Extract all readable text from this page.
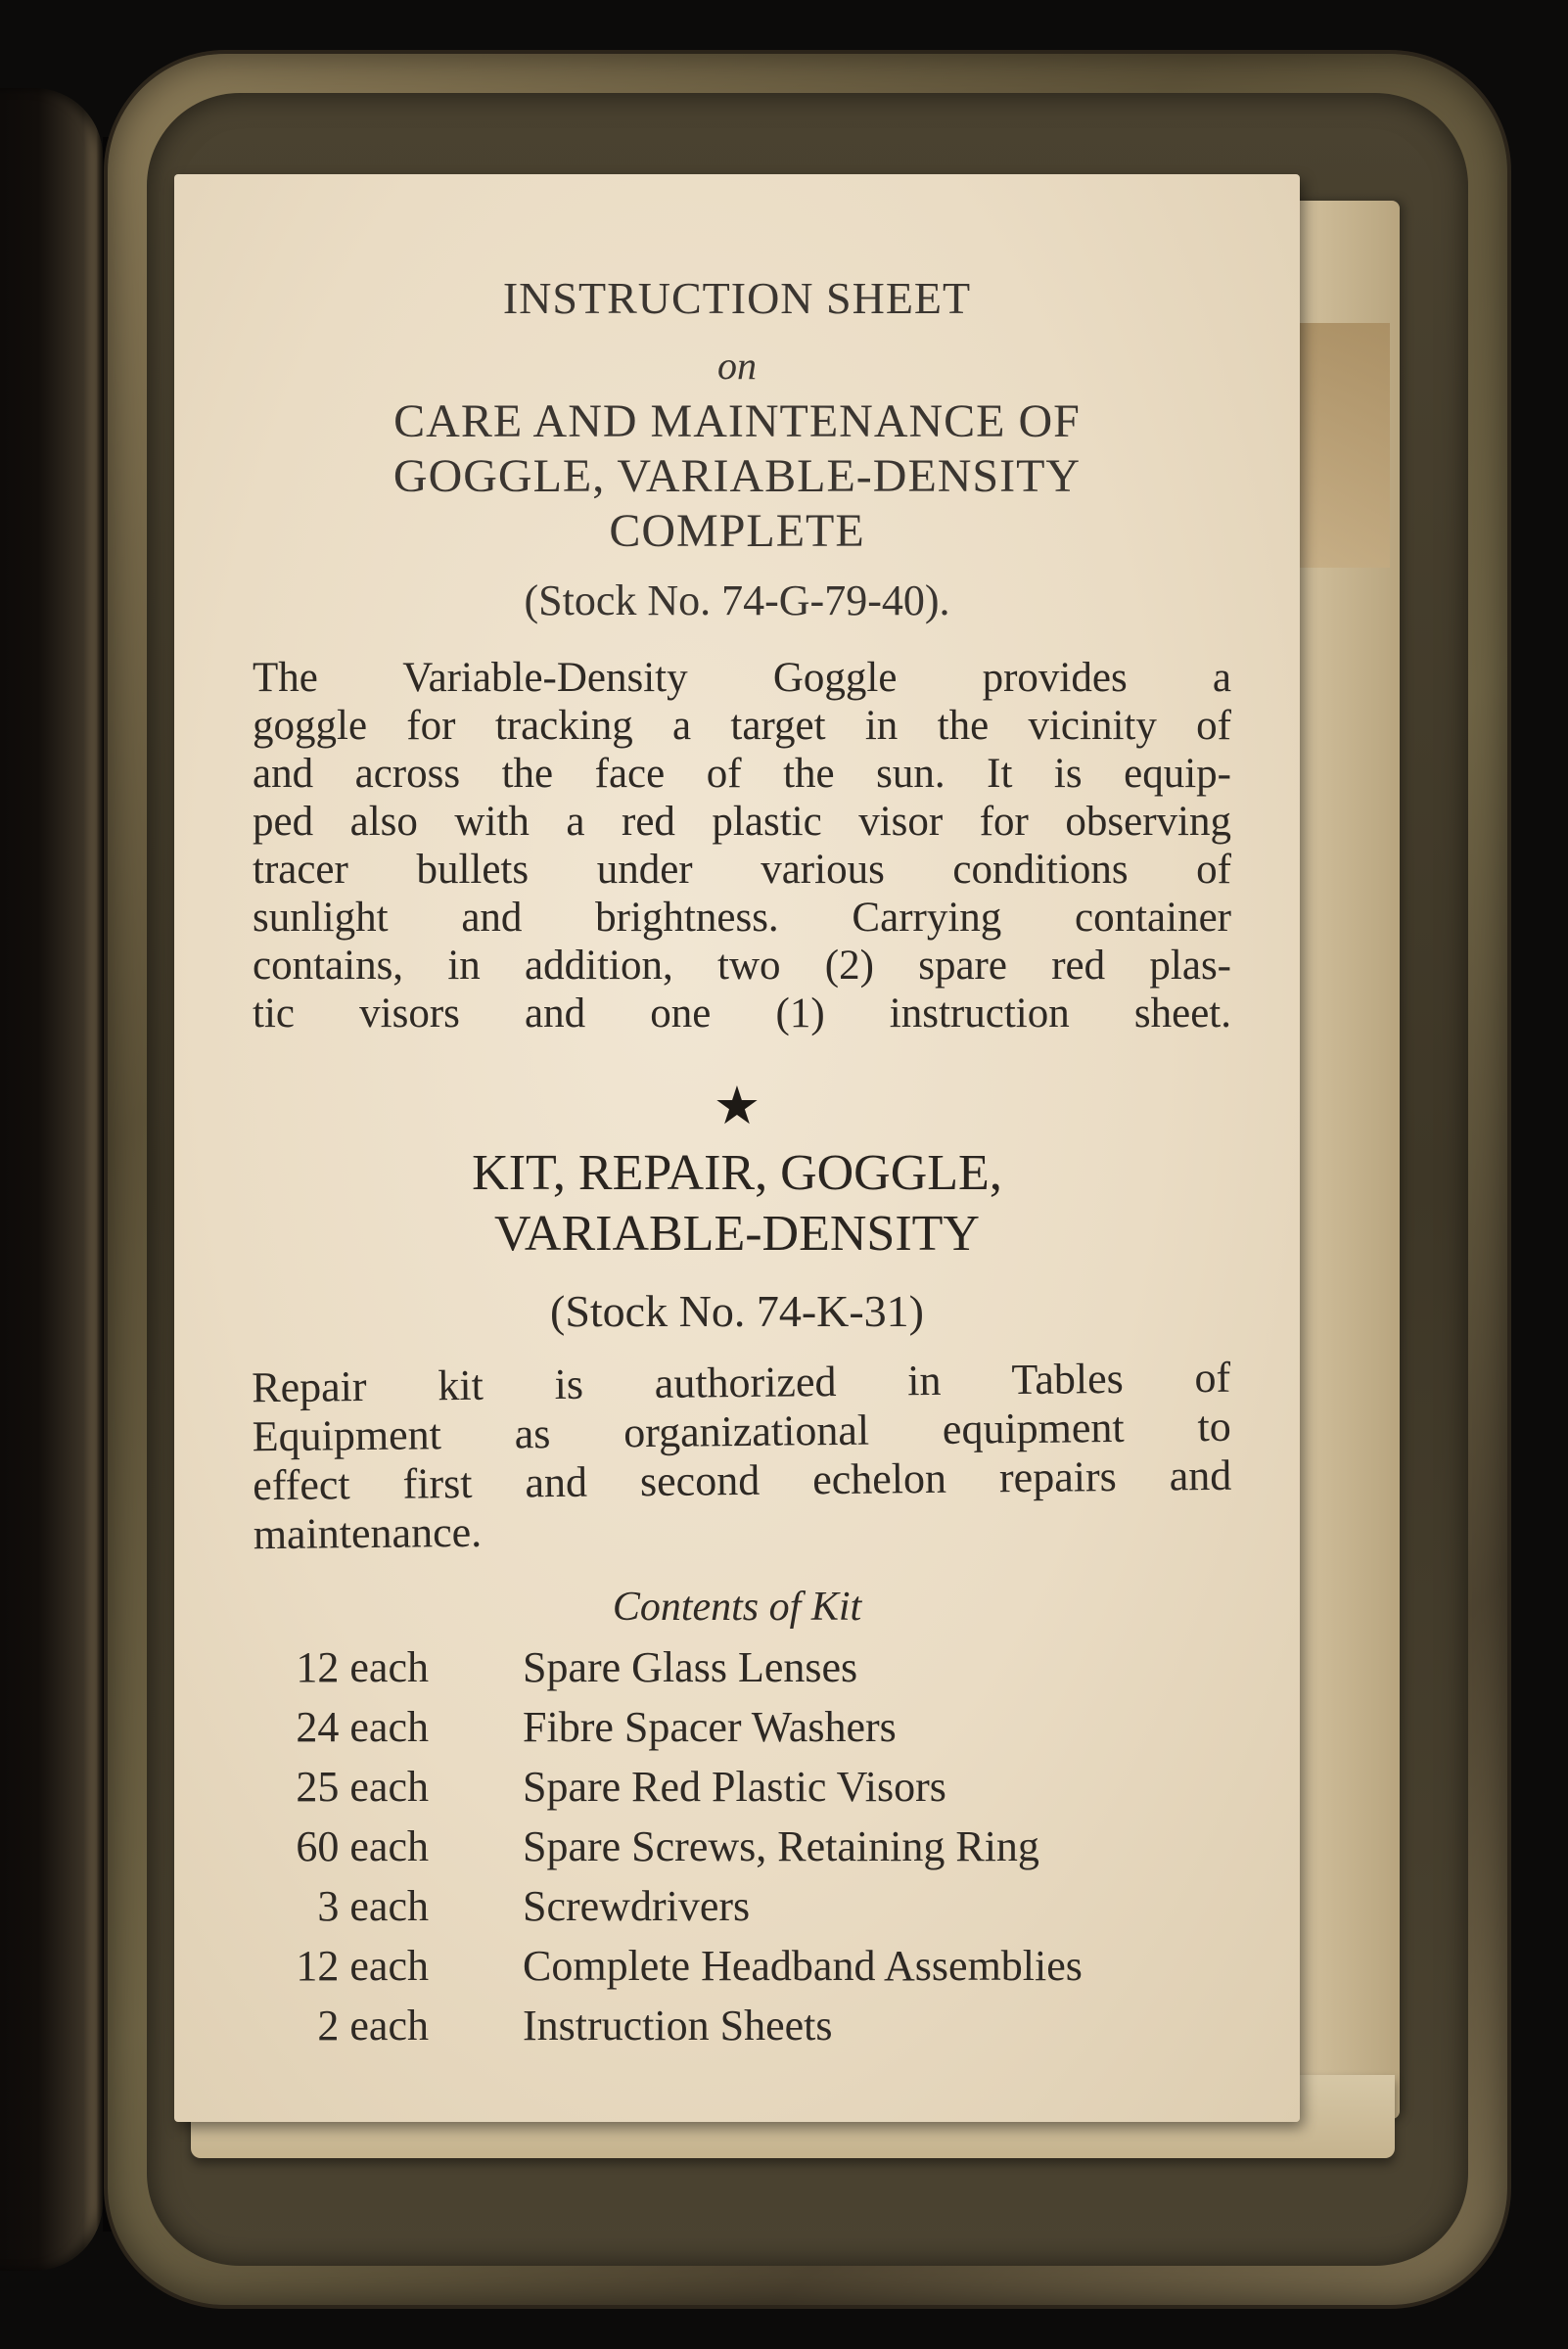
INSTRUCTION SHEET
on
CARE AND MAINTENANCE OF
GOGGLE, VARIABLE-DENSITY
COMPLETE
(Stock No. 74-G-79-40).
The Variable-Density Goggle provides a
goggle for tracking a target in the vicinity of
and across the face of the sun. It is equip-
ped also with a red plastic visor for observing
tracer bullets under various conditions of
sunlight and brightness. Carrying container
contains, in addition, two (2) spare red plas-
tic visors and one (1) instruction sheet.
★
KIT, REPAIR, GOGGLE,
VARIABLE-DENSITY
(Stock No. 74-K-31)
Repair kit is authorized in Tables of
Equipment as organizational equipment to
effect first and second echelon repairs and
maintenance.
Contents of Kit
12 each Spare Glass Lenses
24 each Fibre Spacer Washers
25 each Spare Red Plastic Visors
60 each Spare Screws, Retaining Ring
3 each Screwdrivers
12 each Complete Headband Assemblies
2 each Instruction Sheets
